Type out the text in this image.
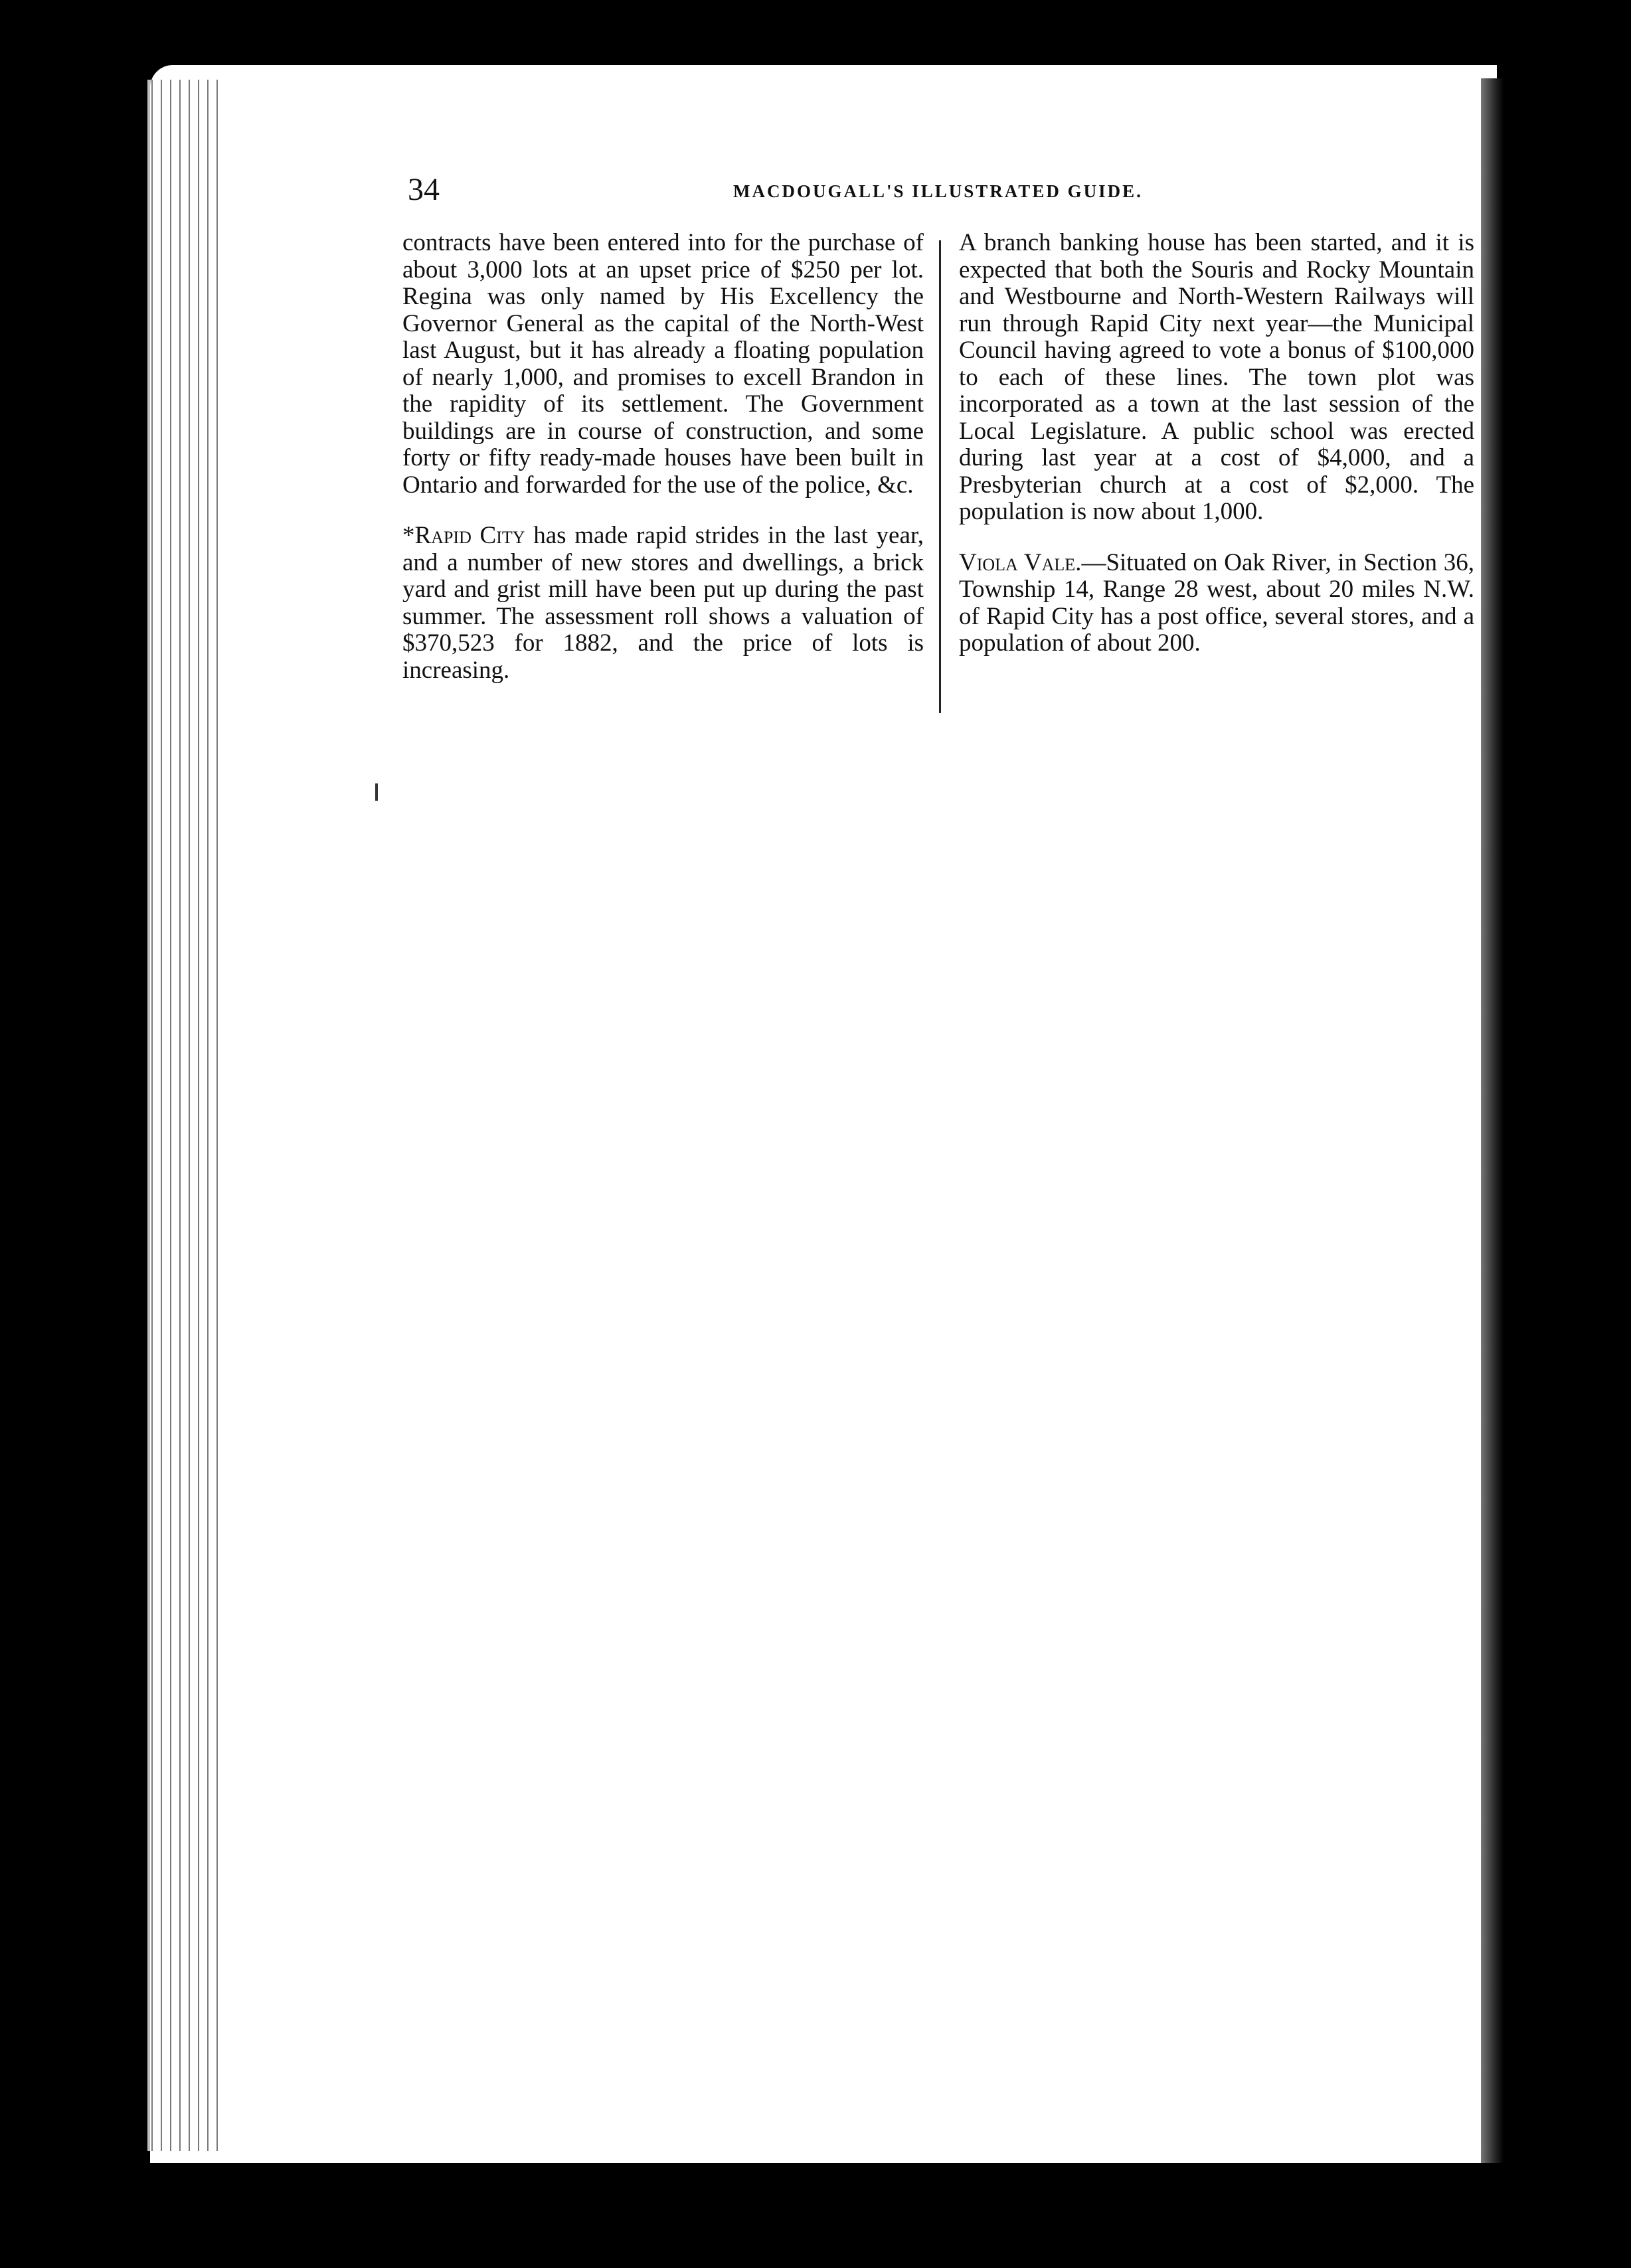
34	MACDOUGALL'S ILLUSTRATED GUIDE.

contracts have been entered into for the purchase of about 3,000 lots at an upset price of $250 per lot. Regina was only named by His Excellency the Governor General as the capital of the North-West last August, but it has already a floating population of nearly 1,000, and promises to excell Brandon in the rapidity of its settlement. The Government buildings are in course of construction, and some forty or fifty ready-made houses have been built in Ontario and forwarded for the use of the police, &c.

*Rapid City has made rapid strides in the last year, and a number of new stores and dwellings, a brick yard and grist mill have been put up during the past summer. The assessment roll shows a valuation of $370,523 for 1882, and the price of lots is increasing.

A branch banking house has been started, and it is expected that both the Souris and Rocky Mountain and Westbourne and North-Western Railways will run through Rapid City next year—the Municipal Council having agreed to vote a bonus of $100,000 to each of these lines. The town plot was incorporated as a town at the last session of the Local Legislature. A public school was erected during last year at a cost of $4,000, and a Presbyterian church at a cost of $2,000. The population is now about 1,000.

Viola Vale.—Situated on Oak River, in Section 36, Township 14, Range 28 west, about 20 miles N.W. of Rapid City has a post office, several stores, and a population of about 200.
